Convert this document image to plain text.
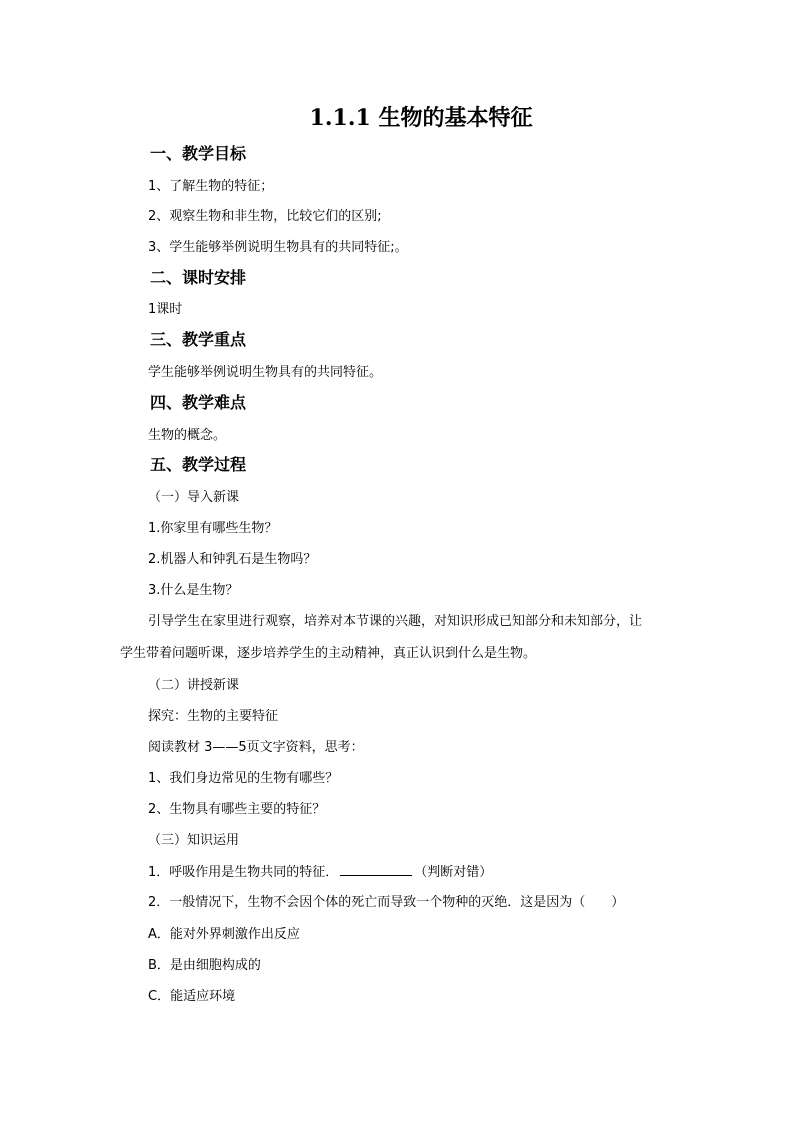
1.1.1 生物的基本特征
一、教学目标
1、了解生物的特征；
2、观察生物和非生物，比较它们的区别;
3、学生能够举例说明生物具有的共同特征;。
二、课时安排
1课时
三、教学重点
学生能够举例说明生物具有的共同特征。
四、教学难点
生物的概念。
五、教学过程
（一）导入新课
1.你家里有哪些生物？
2.机器人和钟乳石是生物吗？
3.什么是生物？
引导学生在家里进行观察，培养对本节课的兴趣，对知识形成已知部分和未知部分，让
学生带着问题听课，逐步培养学生的主动精神，真正认识到什么是生物。
（二）讲授新课
探究：生物的主要特征
阅读教材 3——5页文字资料，思考：
1、我们身边常见的生物有哪些？
2、生物具有哪些主要的特征？
（三）知识运用
1．呼吸作用是生物共同的特征．	（判断对错）
2．一般情况下，生物不会因个体的死亡而导致一个物种的灭绝．这是因为（　　）
A．能对外界刺激作出反应
B．是由细胞构成的
C．能适应环境
